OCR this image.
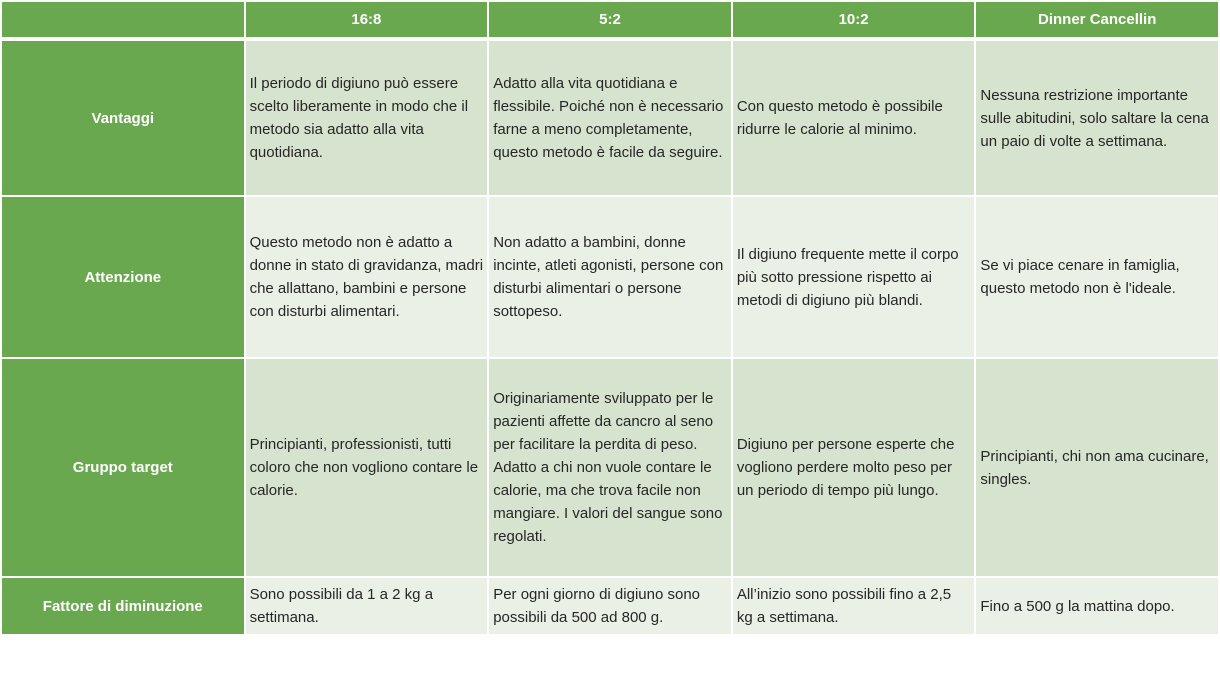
	16:8	5:2	10:2	Dinner Cancellin
Vantaggi	Il periodo di digiuno può essere scelto liberamente in modo che il metodo sia adatto alla vita quotidiana.	Adatto alla vita quotidiana e flessibile. Poiché non è necessario farne a meno completamente, questo metodo è facile da seguire.	Con questo metodo è possibile ridurre le calorie al minimo.	Nessuna restrizione importante sulle abitudini, solo saltare la cena un paio di volte a settimana.
Attenzione	Questo metodo non è adatto a donne in stato di gravidanza, madri che allattano, bambini e persone con disturbi alimentari.	Non adatto a bambini, donne incinte, atleti agonisti, persone con disturbi alimentari o persone sottopeso.	Il digiuno frequente mette il corpo più sotto pressione rispetto ai metodi di digiuno più blandi.	Se vi piace cenare in famiglia, questo metodo non è l'ideale.
Gruppo target	Principianti, professionisti, tutti coloro che non vogliono contare le calorie.	Originariamente sviluppato per le pazienti affette da cancro al seno per facilitare la perdita di peso. Adatto a chi non vuole contare le calorie, ma che trova facile non mangiare. I valori del sangue sono regolati.	Digiuno per persone esperte che vogliono perdere molto peso per un periodo di tempo più lungo.	Principianti, chi non ama cucinare, singles.
Fattore di diminuzione	Sono possibili da 1 a 2 kg a settimana.	Per ogni giorno di digiuno sono possibili da 500 ad 800 g.	All’inizio sono possibili fino a 2,5 kg a settimana.	Fino a 500 g la mattina dopo.
